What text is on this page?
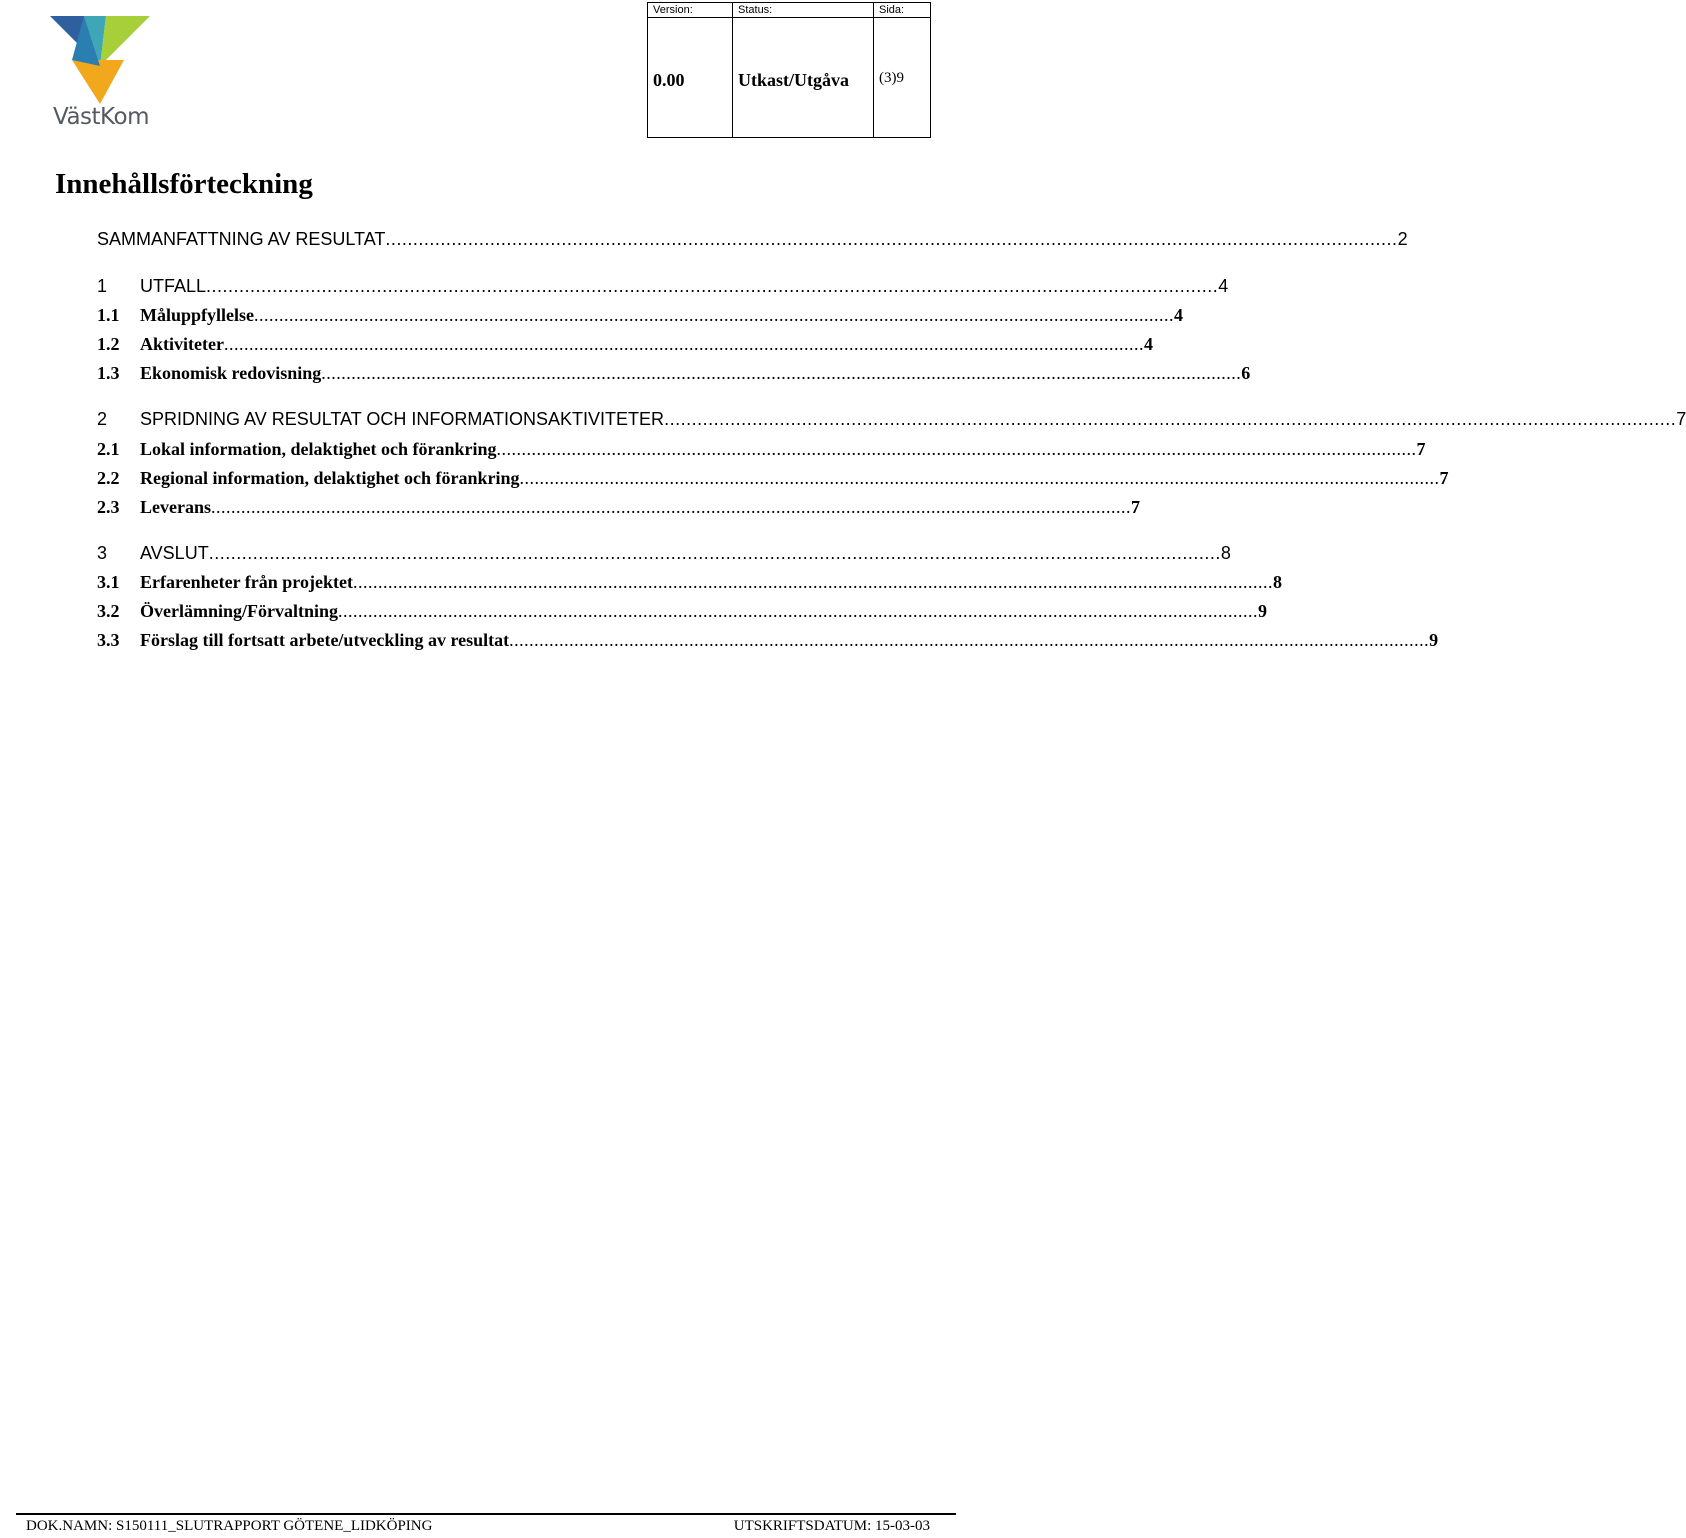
VästKom
Version:
0.00
Status:
Utkast/Utgåva
Sida:
(3)9
Innehållsförteckning
SAMMANFATTNING AV RESULTAT ........................................................................................................................................................................................ 2
1	UTFALL ........................................................................................................................................................................................ 4
1.1	Måluppfyllelse ........................................................................................................................................................................................ 4
1.2	Aktiviteter ........................................................................................................................................................................................ 4
1.3	Ekonomisk redovisning ........................................................................................................................................................................................ 6
2	SPRIDNING AV RESULTAT OCH INFORMATIONSAKTIVITETER ........................................................................................................................................................................................ 7
2.1	Lokal information, delaktighet och förankring ........................................................................................................................................................................................ 7
2.2	Regional information, delaktighet och förankring ........................................................................................................................................................................................ 7
2.3	Leverans ........................................................................................................................................................................................ 7
3	AVSLUT ........................................................................................................................................................................................ 8
3.1	Erfarenheter från projektet ........................................................................................................................................................................................ 8
3.2	Överlämning/Förvaltning ........................................................................................................................................................................................ 9
3.3	Förslag till fortsatt arbete/utveckling av resultat ........................................................................................................................................................................................ 9
DOK.NAMN: S150111_SLUTRAPPORT GÖTENE_LIDKÖPING	UTSKRIFTSDATUM: 15-03-03
